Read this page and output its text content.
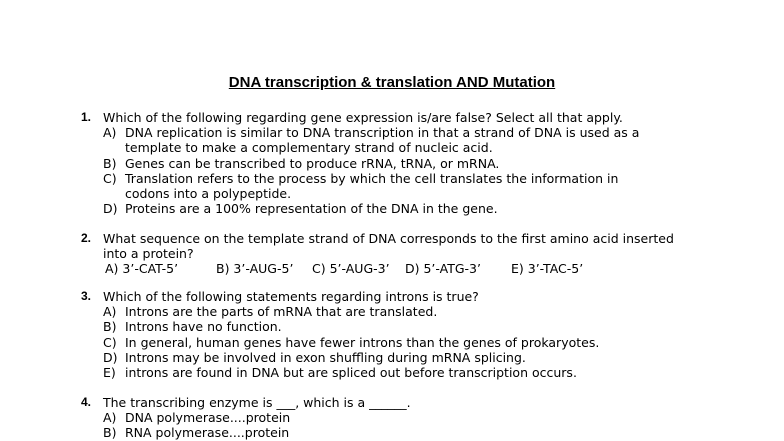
DNA transcription & translation AND Mutation
1. Which of the following regarding gene expression is/are false? Select all that apply.
A) DNA replication is similar to DNA transcription in that a strand of DNA is used as a
template to make a complementary strand of nucleic acid.
B) Genes can be transcribed to produce rRNA, tRNA, or mRNA.
C) Translation refers to the process by which the cell translates the information in
codons into a polypeptide.
D) Proteins are a 100% representation of the DNA in the gene.
2. What sequence on the template strand of DNA corresponds to the first amino acid inserted
into a protein?
A) 3’-CAT-5’	B) 3’-AUG-5’ C) 5’-AUG-3’ D) 5’-ATG-3’ E) 3’-TAC-5’
3. Which of the following statements regarding introns is true?
A) Introns are the parts of mRNA that are translated.
B) Introns have no function.
C) In general, human genes have fewer introns than the genes of prokaryotes.
D) Introns may be involved in exon shuffling during mRNA splicing.
E) introns are found in DNA but are spliced out before transcription occurs.
4. The transcribing enzyme is ___, which is a ______.
A) DNA polymerase....protein
B) RNA polymerase....protein
